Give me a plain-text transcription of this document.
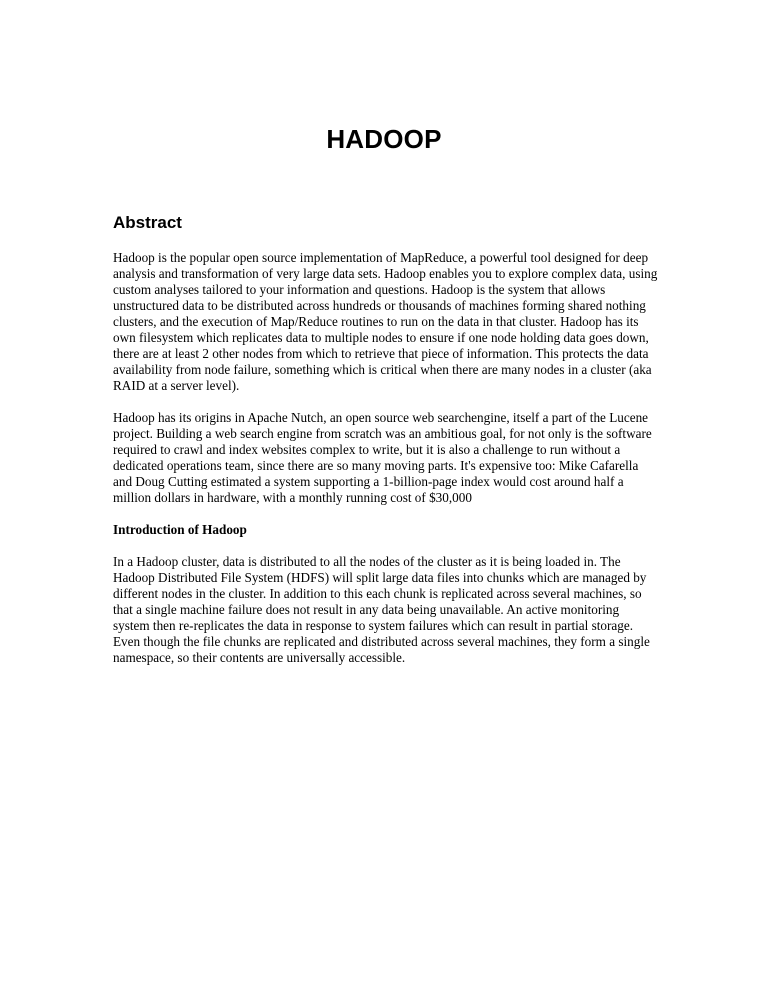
HADOOP
Abstract

Hadoop is the popular open source implementation of MapReduce, a powerful tool designed for deep analysis and transformation of very large data sets. Hadoop enables you to explore complex data, using custom analyses tailored to your information and questions. Hadoop is the system that allows unstructured data to be distributed across hundreds or thousands of machines forming shared nothing clusters, and the execution of Map/Reduce routines to run on the data in that cluster. Hadoop has its own filesystem which replicates data to multiple nodes to ensure if one node holding data goes down, there are at least 2 other nodes from which to retrieve that piece of information. This protects the data availability from node failure, something which is critical when there are many nodes in a cluster (aka RAID at a server level).

Hadoop has its origins in Apache Nutch, an open source web searchengine, itself a part of the Lucene project. Building a web search engine from scratch was an ambitious goal, for not only is the software required to crawl and index websites complex to write, but it is also a challenge to run without a dedicated operations team, since there are so many moving parts. It's expensive too: Mike Cafarella and Doug Cutting estimated a system supporting a 1-billion-page index would cost around half a million dollars in hardware, with a monthly running cost of $30,000

Introduction of Hadoop

In a Hadoop cluster, data is distributed to all the nodes of the cluster as it is being loaded in. The Hadoop Distributed File System (HDFS) will split large data files into chunks which are managed by different nodes in the cluster. In addition to this each chunk is replicated across several machines, so that a single machine failure does not result in any data being unavailable. An active monitoring system then re-replicates the data in response to system failures which can result in partial storage. Even though the file chunks are replicated and distributed across several machines, they form a single namespace, so their contents are universally accessible.
